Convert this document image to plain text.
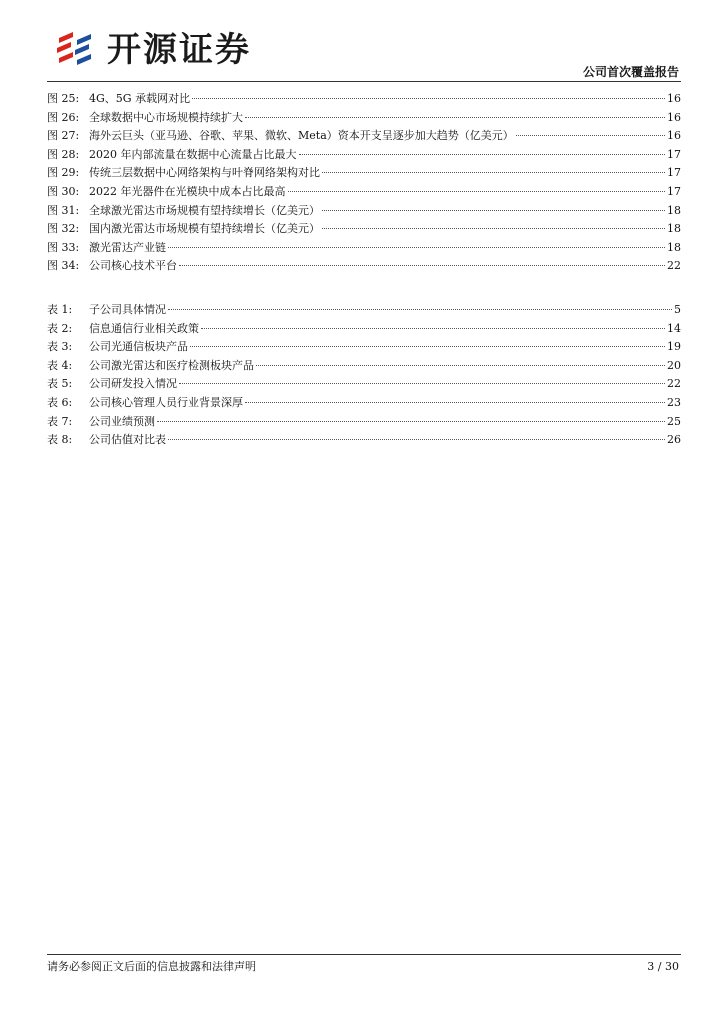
开源证券
公司首次覆盖报告
图 25: 4G、5G 承载网对比	16
图 26: 全球数据中心市场规模持续扩大	16
图 27: 海外云巨头（亚马逊、谷歌、苹果、微软、Meta）资本开支呈逐步加大趋势（亿美元）	16
图 28: 2020 年内部流量在数据中心流量占比最大	17
图 29: 传统三层数据中心网络架构与叶脊网络架构对比	17
图 30: 2022 年光器件在光模块中成本占比最高	17
图 31: 全球激光雷达市场规模有望持续增长（亿美元）	18
图 32: 国内激光雷达市场规模有望持续增长（亿美元）	18
图 33: 激光雷达产业链	18
图 34: 公司核心技术平台	22
表 1:	子公司具体情况	5
表 2:	信息通信行业相关政策	14
表 3:	公司光通信板块产品	19
表 4:	公司激光雷达和医疗检测板块产品	20
表 5:	公司研发投入情况	22
表 6:	公司核心管理人员行业背景深厚	23
表 7:	公司业绩预测	25
表 8:	公司估值对比表	26
请务必参阅正文后面的信息披露和法律声明	3 / 30
